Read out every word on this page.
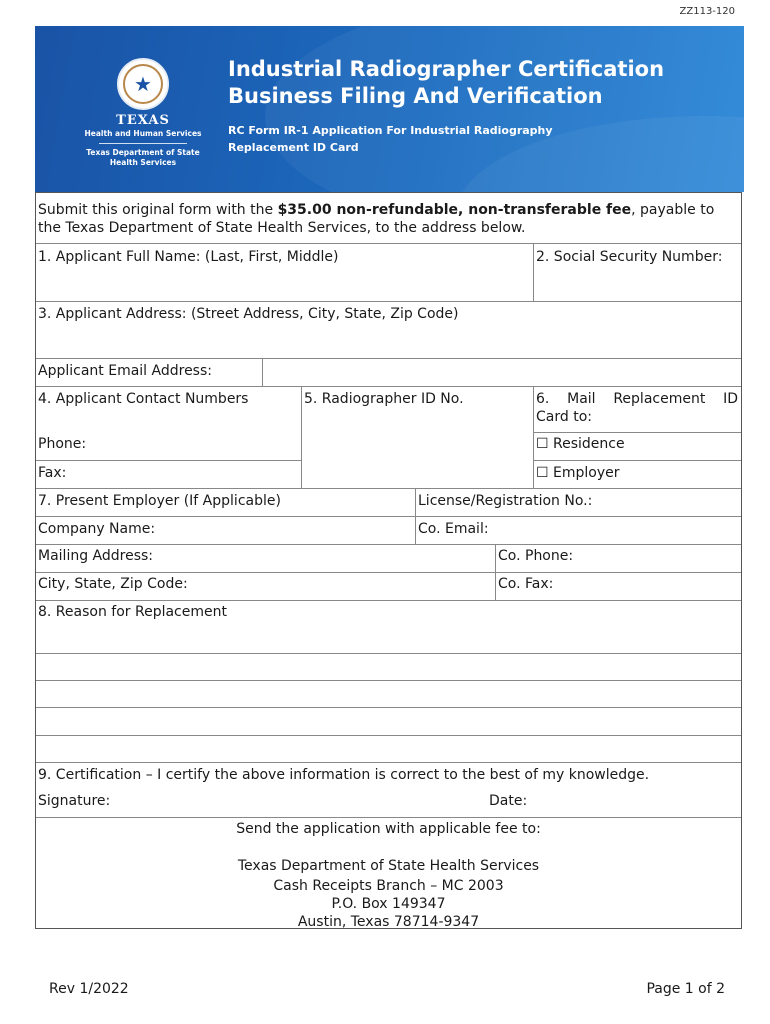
ZZ113-120
★
TEXAS
Health and Human Services
Texas Department of State
Health Services
Industrial Radiographer Certification
Business Filing And Verification
RC Form IR-1 Application For Industrial Radiography
Replacement ID Card
Submit this original form with the $35.00 non-refundable, non-transferable fee, payable to the Texas Department of State Health Services, to the address below.
1. Applicant Full Name: (Last, First, Middle)	2. Social Security Number:
3. Applicant Address: (Street Address, City, State, Zip Code)
Applicant Email Address:
4. Applicant Contact Numbers	5. Radiographer ID No.	6. Mail Replacement ID
Card to:
Phone:	☐ Residence
Fax:	☐ Employer
7. Present Employer (If Applicable)	License/Registration No.:
Company Name:	Co. Email:
Mailing Address:	Co. Phone:
City, State, Zip Code:	Co. Fax:
8. Reason for Replacement
9. Certification – I certify the above information is correct to the best of my knowledge.
Signature:	Date:
Send the application with applicable fee to:
Texas Department of State Health Services
Cash Receipts Branch – MC 2003
P.O. Box 149347
Austin, Texas 78714-9347
Rev 1/2022	Page 1 of 2
